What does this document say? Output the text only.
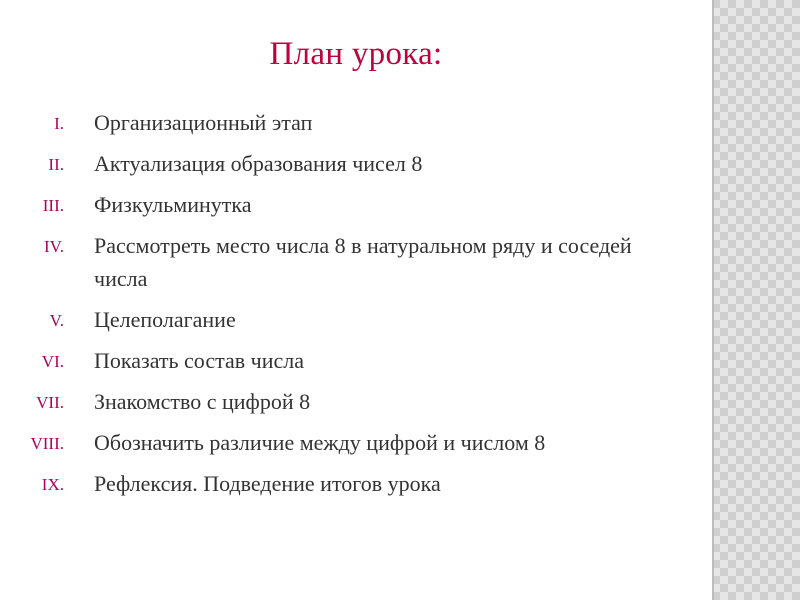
План урока:
I. Организационный этап
II. Актуализация образования чисел 8
III. Физкульминутка
IV. Рассмотреть место числа 8 в натуральном ряду и соседей числа
V. Целеполагание
VI. Показать состав числа
VII. Знакомство с цифрой 8
VIII. Обозначить различие между цифрой и числом 8
IX. Рефлексия. Подведение итогов урока
